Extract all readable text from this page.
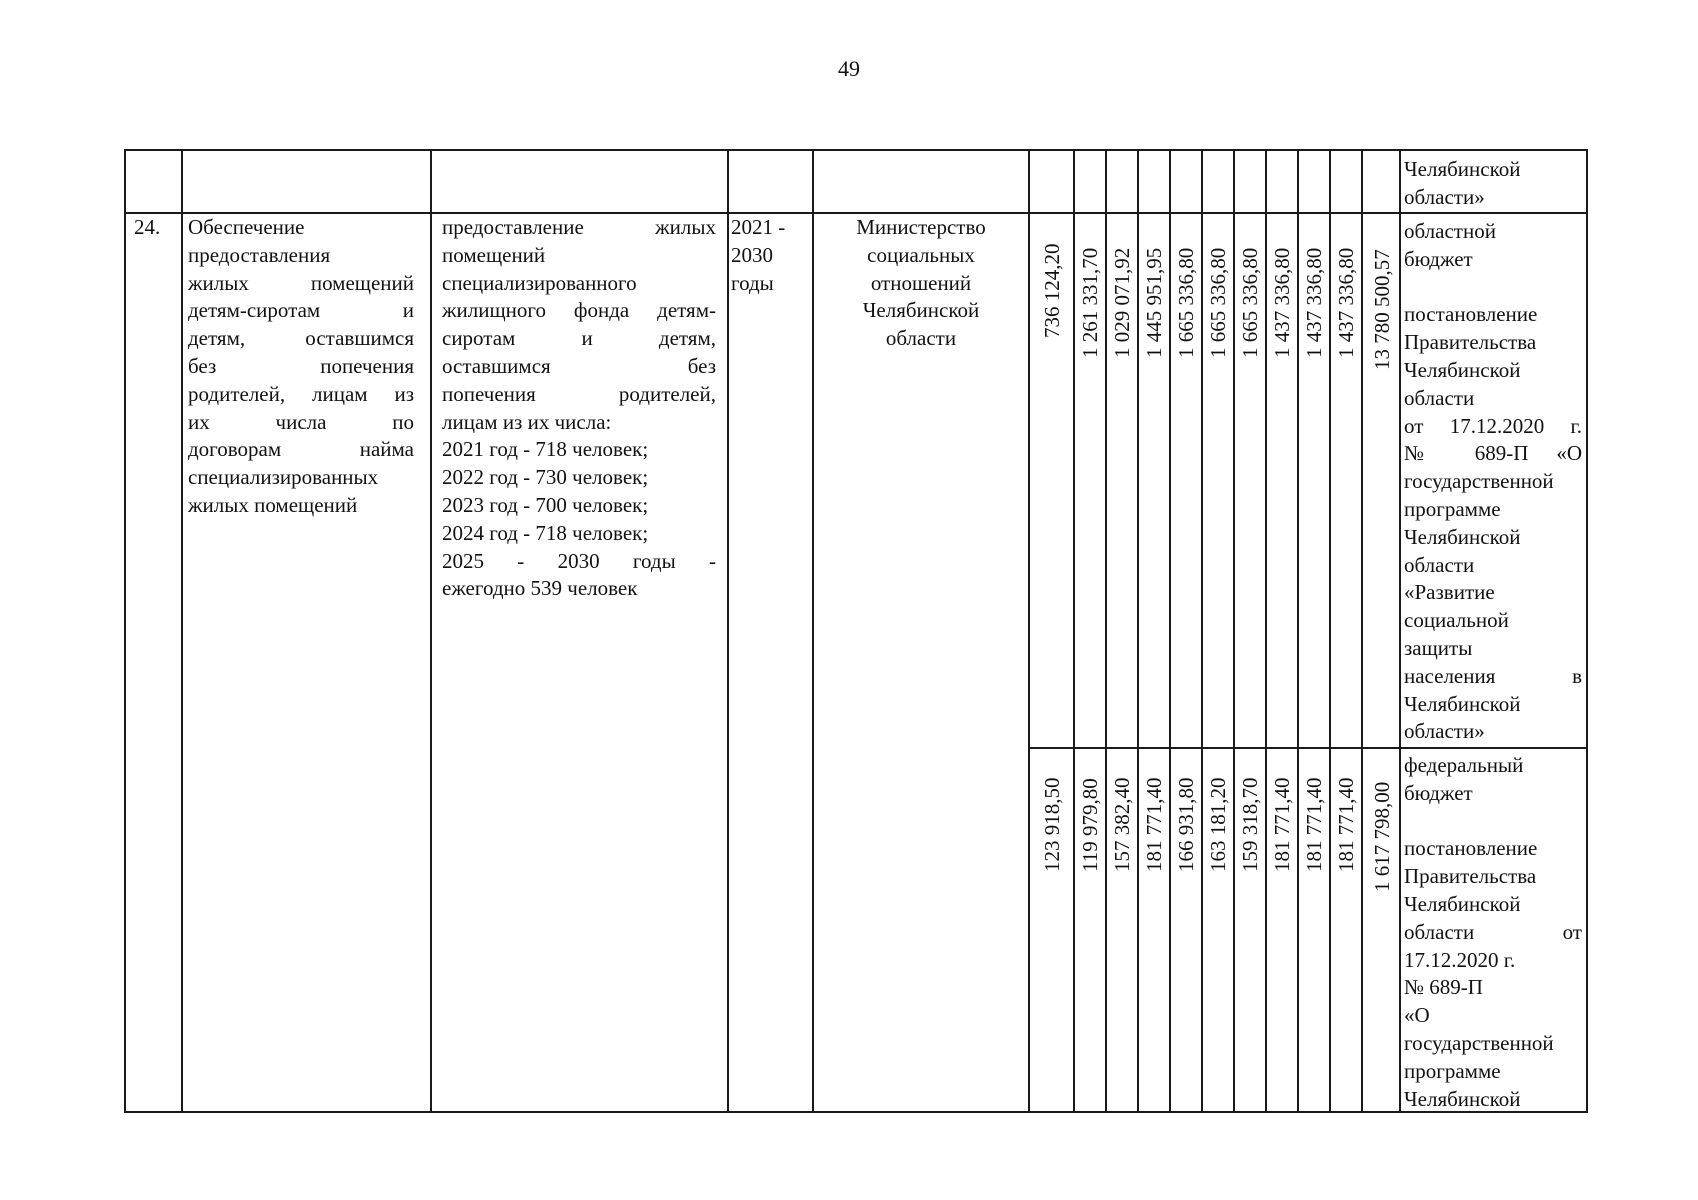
49
Челябинской
области»
24.	Обеспечение
предоставления
жилых помещений
детям-сиротам и
детям, оставшимся
без попечения
родителей, лицам из
их числа по
договорам найма
специализированных
жилых помещений
предоставление жилых
помещений
специализированного
жилищного фонда детям-
сиротам и детям,
оставшимся без
попечения родителей,
лицам из их числа:
2021 год - 718 человек;
2022 год - 730 человек;
2023 год - 700 человек;
2024 год - 718 человек;
2025 - 2030 годы -
ежегодно 539 человек
2021 -
2030
годы
Министерство
социальных
отношений
Челябинской
области
736 124,20 1 261 331,70 1 029 071,92 1 445 951,95 1 665 336,80 1 665 336,80 1 665 336,80 1 437 336,80 1 437 336,80 1 437 336,80 13 780 500,57
областной
бюджет

постановление
Правительства
Челябинской
области
от 17.12.2020 г.
№ 689-П «О
государственной
программе
Челябинской
области
«Развитие
социальной
защиты
населения в
Челябинской
области»
123 918,50 119 979,80 157 382,40 181 771,40 166 931,80 163 181,20 159 318,70 181 771,40 181 771,40 181 771,40 1 617 798,00
федеральный
бюджет

постановление
Правительства
Челябинской
области от
17.12.2020 г.
№ 689-П
«О
государственной
программе
Челябинской
